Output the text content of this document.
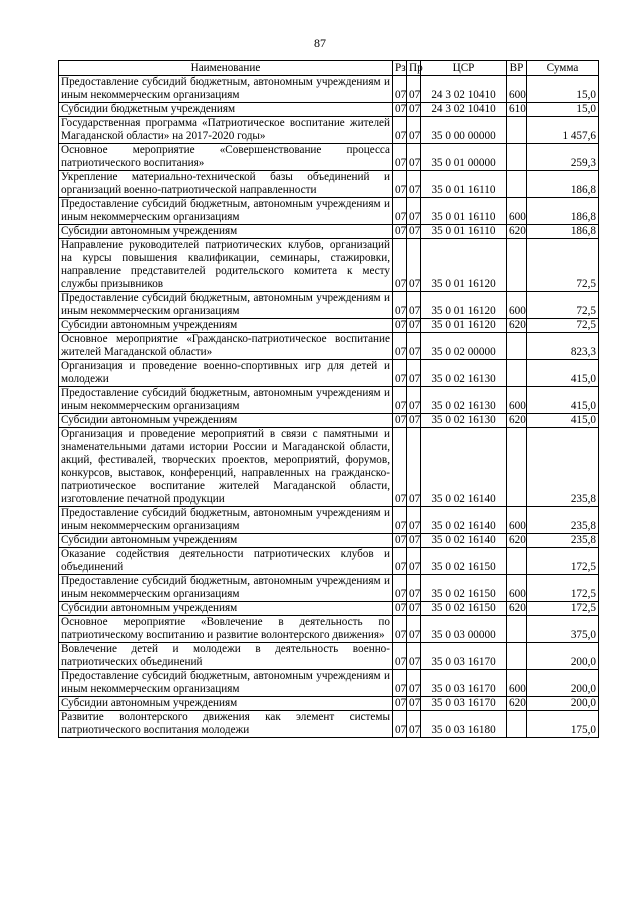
87
Наименование	Рз	Пр	ЦСР	ВР	Сумма
Предоставление субсидий бюджетным, автономным учреждениям и иным некоммерческим организациям	07	07	24 3 02 10410	600	15,0
Субсидии бюджетным учреждениям	07	07	24 3 02 10410	610	15,0
Государственная программа «Патриотическое воспитание жителей Магаданской области» на 2017-2020 годы»	07	07	35 0 00 00000		1 457,6
Основное мероприятие «Совершенствование процесса патриотического воспитания»	07	07	35 0 01 00000		259,3
Укрепление материально-технической базы объединений и организаций военно-патриотической направленности	07	07	35 0 01 16110		186,8
Предоставление субсидий бюджетным, автономным учреждениям и иным некоммерческим организациям	07	07	35 0 01 16110	600	186,8
Субсидии автономным учреждениям	07	07	35 0 01 16110	620	186,8
Направление руководителей патриотических клубов, организаций на курсы повышения квалификации, семинары, стажировки, направление представителей родительского комитета к месту службы призывников	07	07	35 0 01 16120		72,5
Предоставление субсидий бюджетным, автономным учреждениям и иным некоммерческим организациям	07	07	35 0 01 16120	600	72,5
Субсидии автономным учреждениям	07	07	35 0 01 16120	620	72,5
Основное мероприятие «Гражданско-патриотическое воспитание жителей Магаданской области»	07	07	35 0 02 00000		823,3
Организация и проведение военно-спортивных игр для детей и молодежи	07	07	35 0 02 16130		415,0
Предоставление субсидий бюджетным, автономным учреждениям и иным некоммерческим организациям	07	07	35 0 02 16130	600	415,0
Субсидии автономным учреждениям	07	07	35 0 02 16130	620	415,0
Организация и проведение мероприятий в связи с памятными и знаменательными датами истории России и Магаданской области, акций, фестивалей, творческих проектов, мероприятий, форумов, конкурсов, выставок, конференций, направленных на гражданско-патриотическое воспитание жителей Магаданской области, изготовление печатной продукции	07	07	35 0 02 16140		235,8
Предоставление субсидий бюджетным, автономным учреждениям и иным некоммерческим организациям	07	07	35 0 02 16140	600	235,8
Субсидии автономным учреждениям	07	07	35 0 02 16140	620	235,8
Оказание содействия деятельности патриотических клубов и объединений	07	07	35 0 02 16150		172,5
Предоставление субсидий бюджетным, автономным учреждениям и иным некоммерческим организациям	07	07	35 0 02 16150	600	172,5
Субсидии автономным учреждениям	07	07	35 0 02 16150	620	172,5
Основное мероприятие «Вовлечение в деятельность по патриотическому воспитанию и развитие волонтерского движения»	07	07	35 0 03 00000		375,0
Вовлечение детей и молодежи в деятельность военно-патриотических объединений	07	07	35 0 03 16170		200,0
Предоставление субсидий бюджетным, автономным учреждениям и иным некоммерческим организациям	07	07	35 0 03 16170	600	200,0
Субсидии автономным учреждениям	07	07	35 0 03 16170	620	200,0
Развитие волонтерского движения как элемент системы патриотического воспитания молодежи	07	07	35 0 03 16180		175,0
